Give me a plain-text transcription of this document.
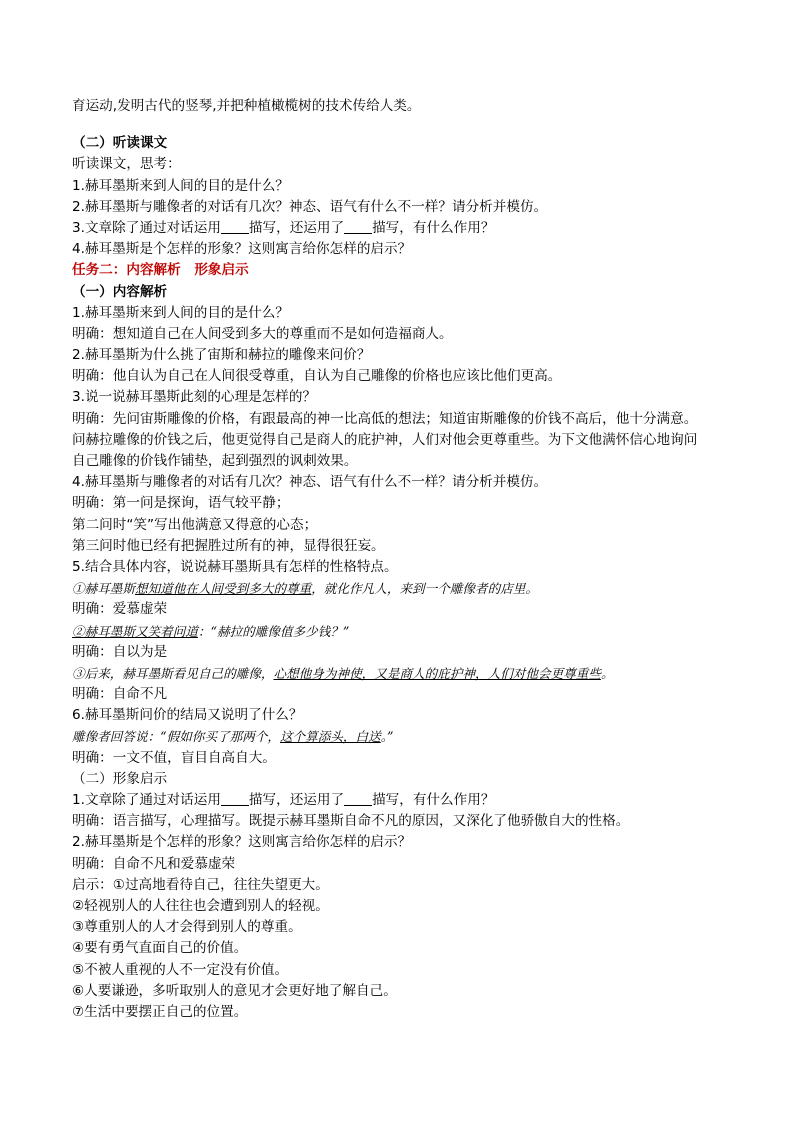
育运动,发明古代的竖琴,并把种植橄榄树的技术传给人类。
（二）听读课文
听读课文，思考：
1.赫耳墨斯来到人间的目的是什么？
2.赫耳墨斯与雕像者的对话有几次？神态、语气有什么不一样？请分析并模仿。
3.文章除了通过对话运用 描写，还运用了 描写，有什么作用？
4.赫耳墨斯是个怎样的形象？这则寓言给你怎样的启示？
任务二：内容解析　形象启示
（一）内容解析
1.赫耳墨斯来到人间的目的是什么？
明确：想知道自己在人间受到多大的尊重而不是如何造福商人。
2.赫耳墨斯为什么挑了宙斯和赫拉的雕像来问价？
明确：他自认为自己在人间很受尊重，自认为自己雕像的价格也应该比他们更高。
3.说一说赫耳墨斯此刻的心理是怎样的？
明确：先问宙斯雕像的价格，有跟最高的神一比高低的想法；知道宙斯雕像的价钱不高后，他十分满意。
问赫拉雕像的价钱之后，他更觉得自己是商人的庇护神，人们对他会更尊重些。为下文他满怀信心地询问
自己雕像的价钱作铺垫，起到强烈的讽刺效果。
4.赫耳墨斯与雕像者的对话有几次？神态、语气有什么不一样？请分析并模仿。
明确：第一问是探询，语气较平静；
第二问时“笑”写出他满意又得意的心态；
第三问时他已经有把握胜过所有的神，显得很狂妄。
5.结合具体内容，说说赫耳墨斯具有怎样的性格特点。
①赫耳墨斯想知道他在人间受到多大的尊重，就化作凡人，来到一个雕像者的店里。
明确：爱慕虚荣
②赫耳墨斯又笑着问道：“赫拉的雕像值多少钱？”
明确：自以为是
③后来，赫耳墨斯看见自己的雕像，心想他身为神使，又是商人的庇护神，人们对他会更尊重些。
明确：自命不凡
6.赫耳墨斯问价的结局又说明了什么？
雕像者回答说：“假如你买了那两个，这个算添头，白送。”
明确：一文不值，盲目自高自大。
（二）形象启示
1.文章除了通过对话运用 描写，还运用了 描写，有什么作用？
明确：语言描写，心理描写。既提示赫耳墨斯自命不凡的原因，又深化了他骄傲自大的性格。
2.赫耳墨斯是个怎样的形象？这则寓言给你怎样的启示？
明确：自命不凡和爱慕虚荣
启示：①过高地看待自己，往往失望更大。
②轻视别人的人往往也会遭到别人的轻视。
③尊重别人的人才会得到别人的尊重。
④要有勇气直面自己的价值。
⑤不被人重视的人不一定没有价值。
⑥人要谦逊，多听取别人的意见才会更好地了解自己。
⑦生活中要摆正自己的位置。
